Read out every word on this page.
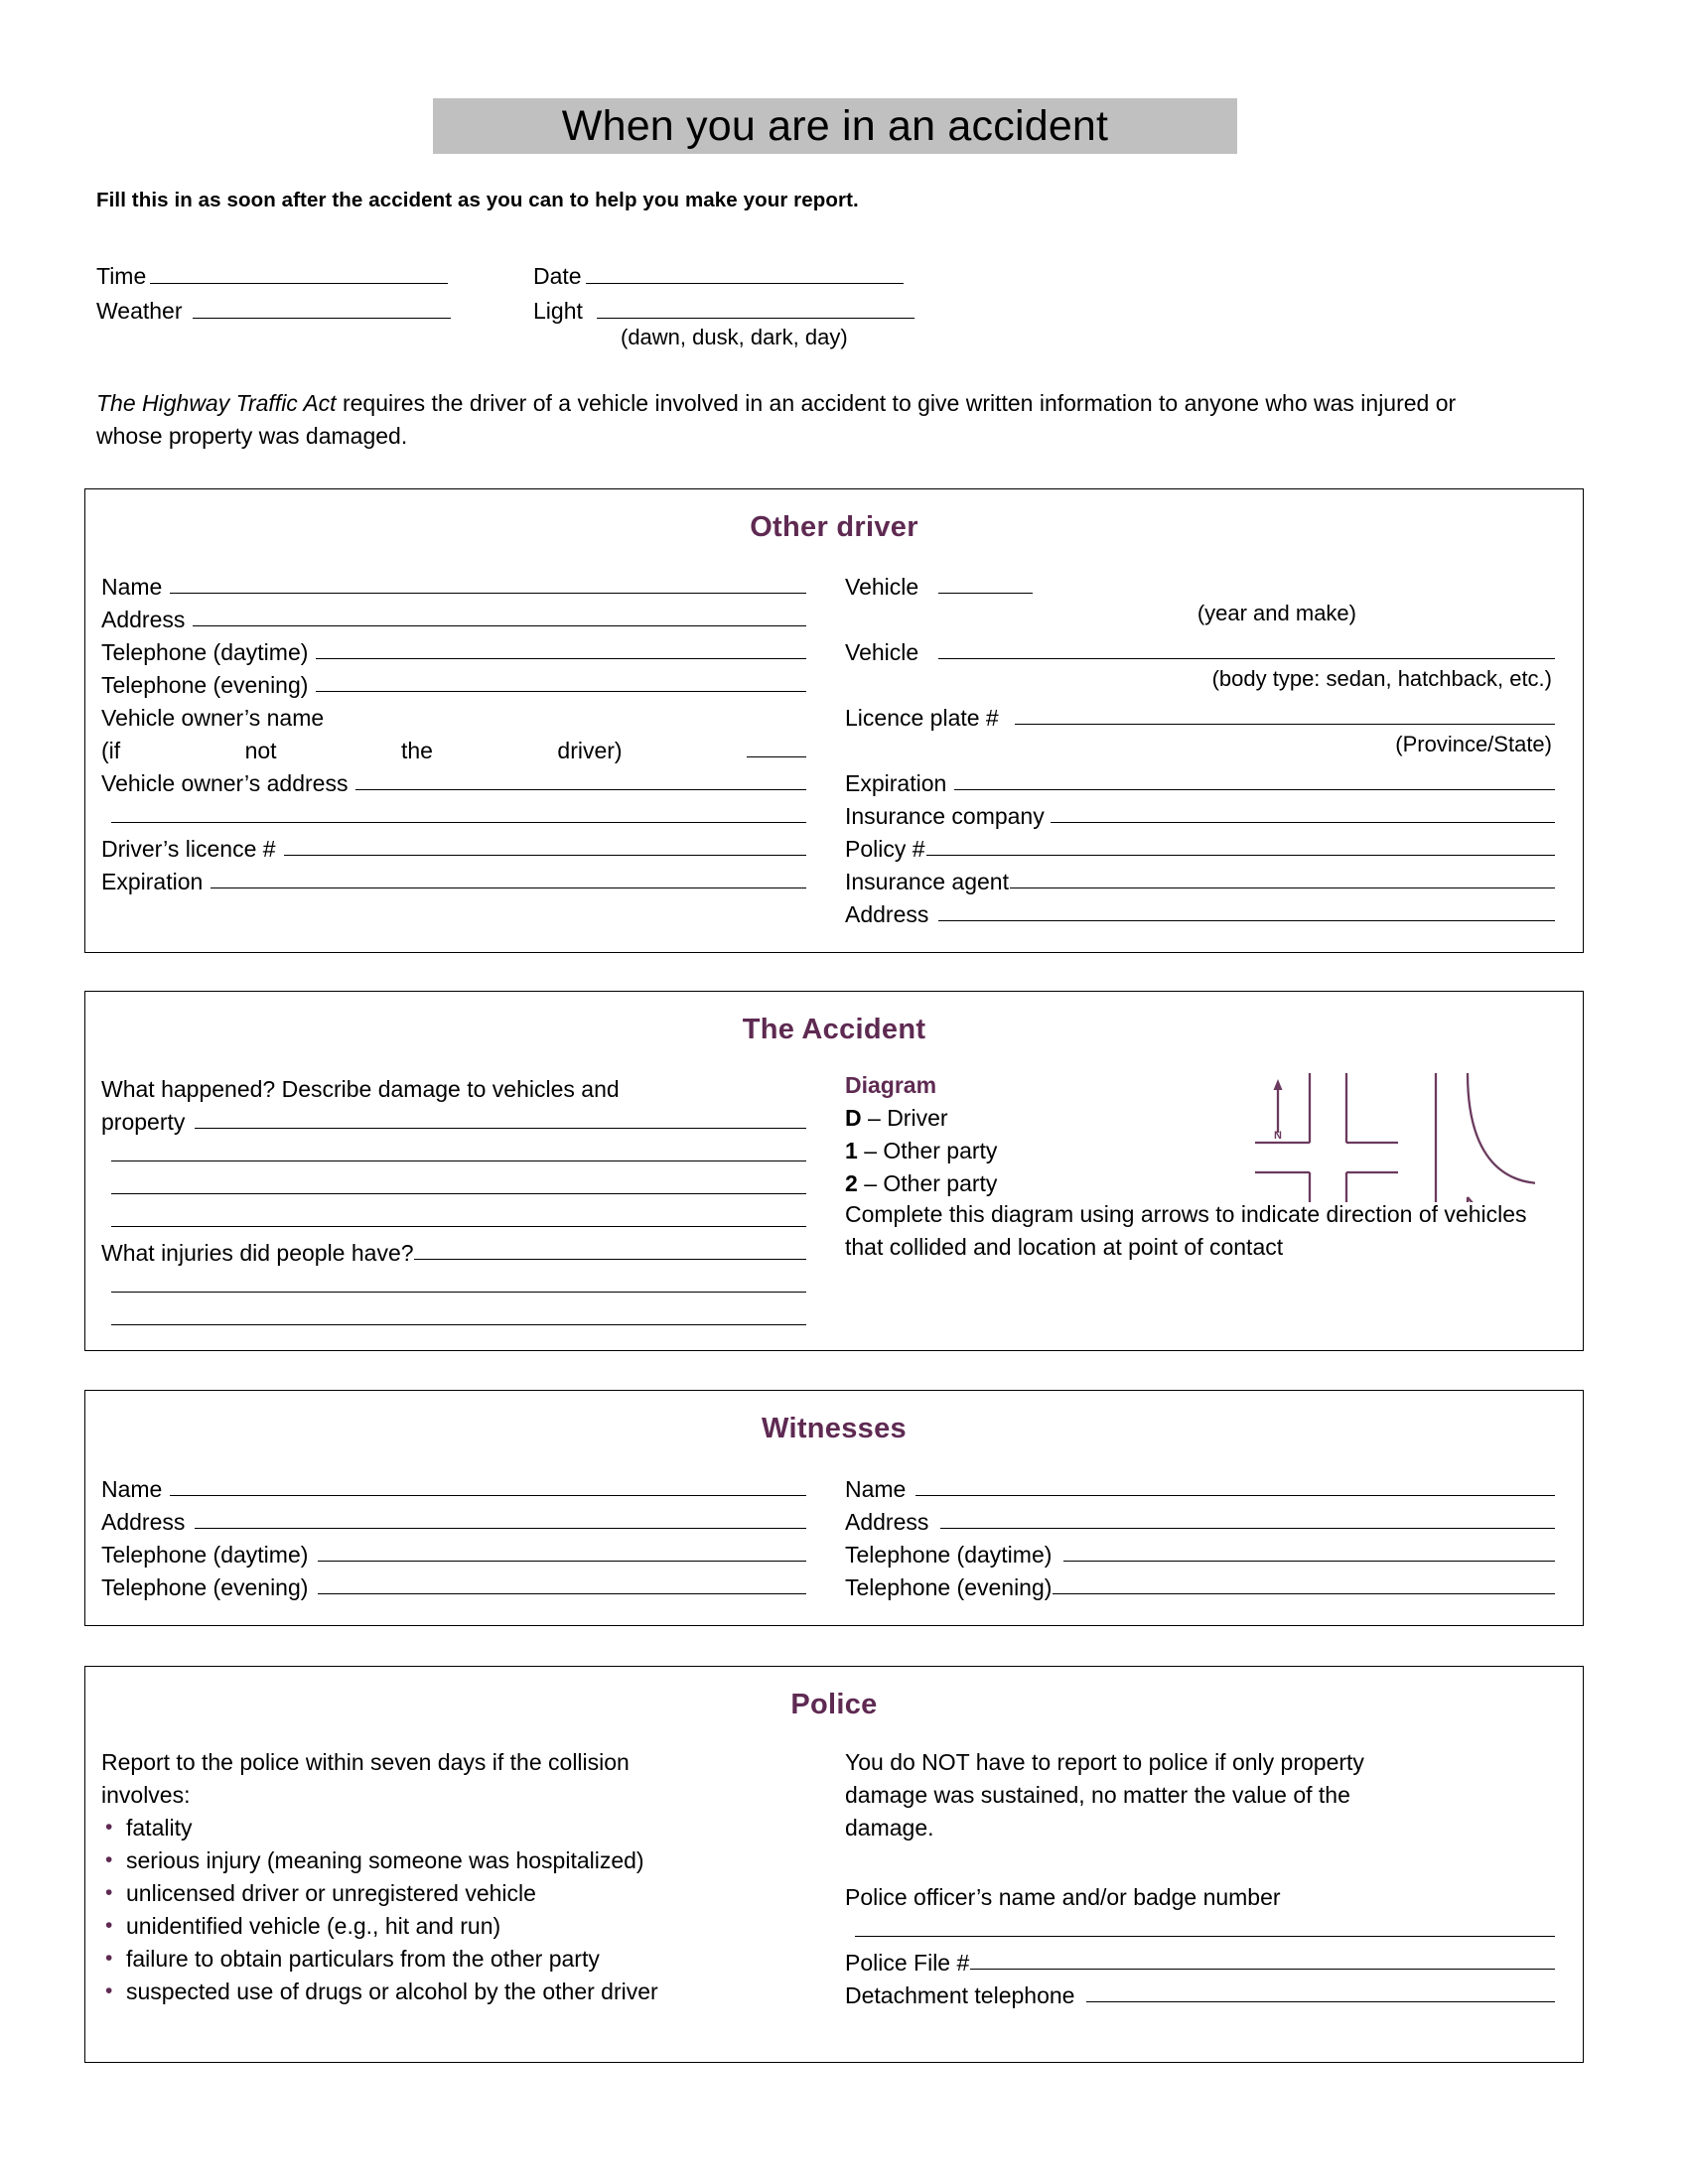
When you are in an accident
Fill this in as soon after the accident as you can to help you make your report.
Time	Date
Weather	Light
(dawn, dusk, dark, day)
The Highway Traffic Act requires the driver of a vehicle involved in an accident to give written information to anyone who was injured or whose property was damaged.
Other driver
Name
Address
Telephone (daytime)
Telephone (evening)
Vehicle owner’s name
(if	not	the	driver)
Vehicle owner’s address
Driver’s licence #
Expiration
Vehicle
(year and make)
Vehicle
(body type: sedan, hatchback, etc.)
Licence plate #
(Province/State)
Expiration
Insurance company
Policy #
Insurance agent
Address
The Accident
What happened? Describe damage to vehicles and
property
What injuries did people have?
Diagram
D – Driver
1 – Other party
2 – Other party
N
Complete this diagram using arrows to indicate direction of vehicles that collided and location at point of contact
Witnesses
Name
Address
Telephone (daytime)
Telephone (evening)
Name
Address
Telephone (daytime)
Telephone (evening)
Police
Report to the police within seven days if the collision
involves:
• fatality
• serious injury (meaning someone was hospitalized)
• unlicensed driver or unregistered vehicle
• unidentified vehicle (e.g., hit and run)
• failure to obtain particulars from the other party
• suspected use of drugs or alcohol by the other driver
You do NOT have to report to police if only property
damage was sustained, no matter the value of the
damage.
Police officer’s name and/or badge number
Police File #
Detachment telephone
